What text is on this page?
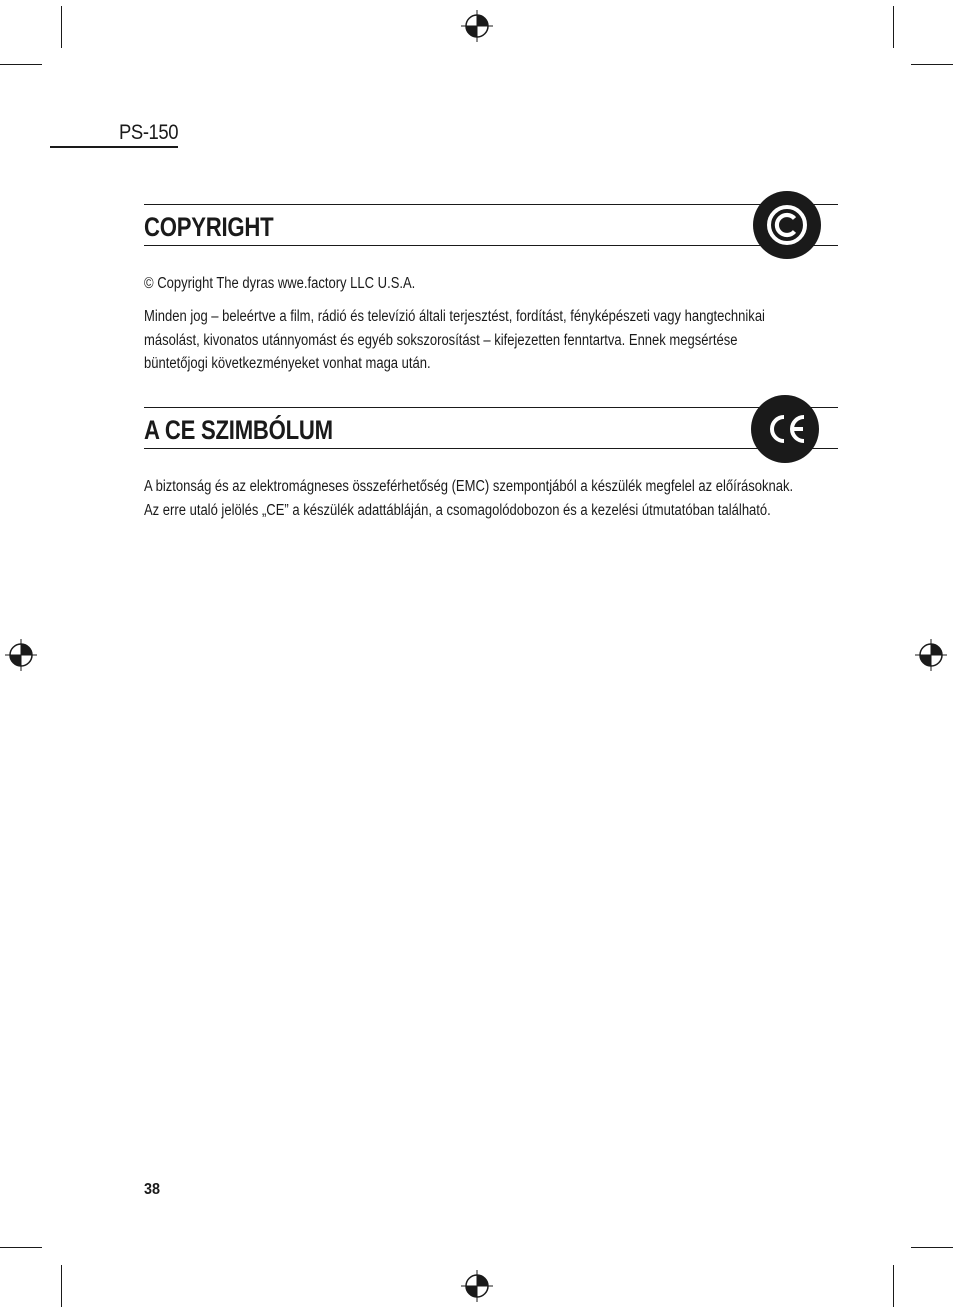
PS-150
COPYRIGHT

© Copyright The dyras wwe.factory LLC U.S.A.

Minden jog – beleértve a film, rádió és televízió általi terjesztést, fordítást, fényképészeti vagy hangtechnikai
másolást, kivonatos utánnyomást és egyéb sokszorosítást – kifejezetten fenntartva. Ennek megsértése
büntetőjogi következményeket vonhat maga után.

A CE SZIMBÓLUM

A biztonság és az elektromágneses összeférhetőség (EMC) szempontjából a készülék megfelel az előírásoknak.
Az erre utaló jelölés „CE” a készülék adattábláján, a csomagolódobozon és a kezelési útmutatóban található.

38
